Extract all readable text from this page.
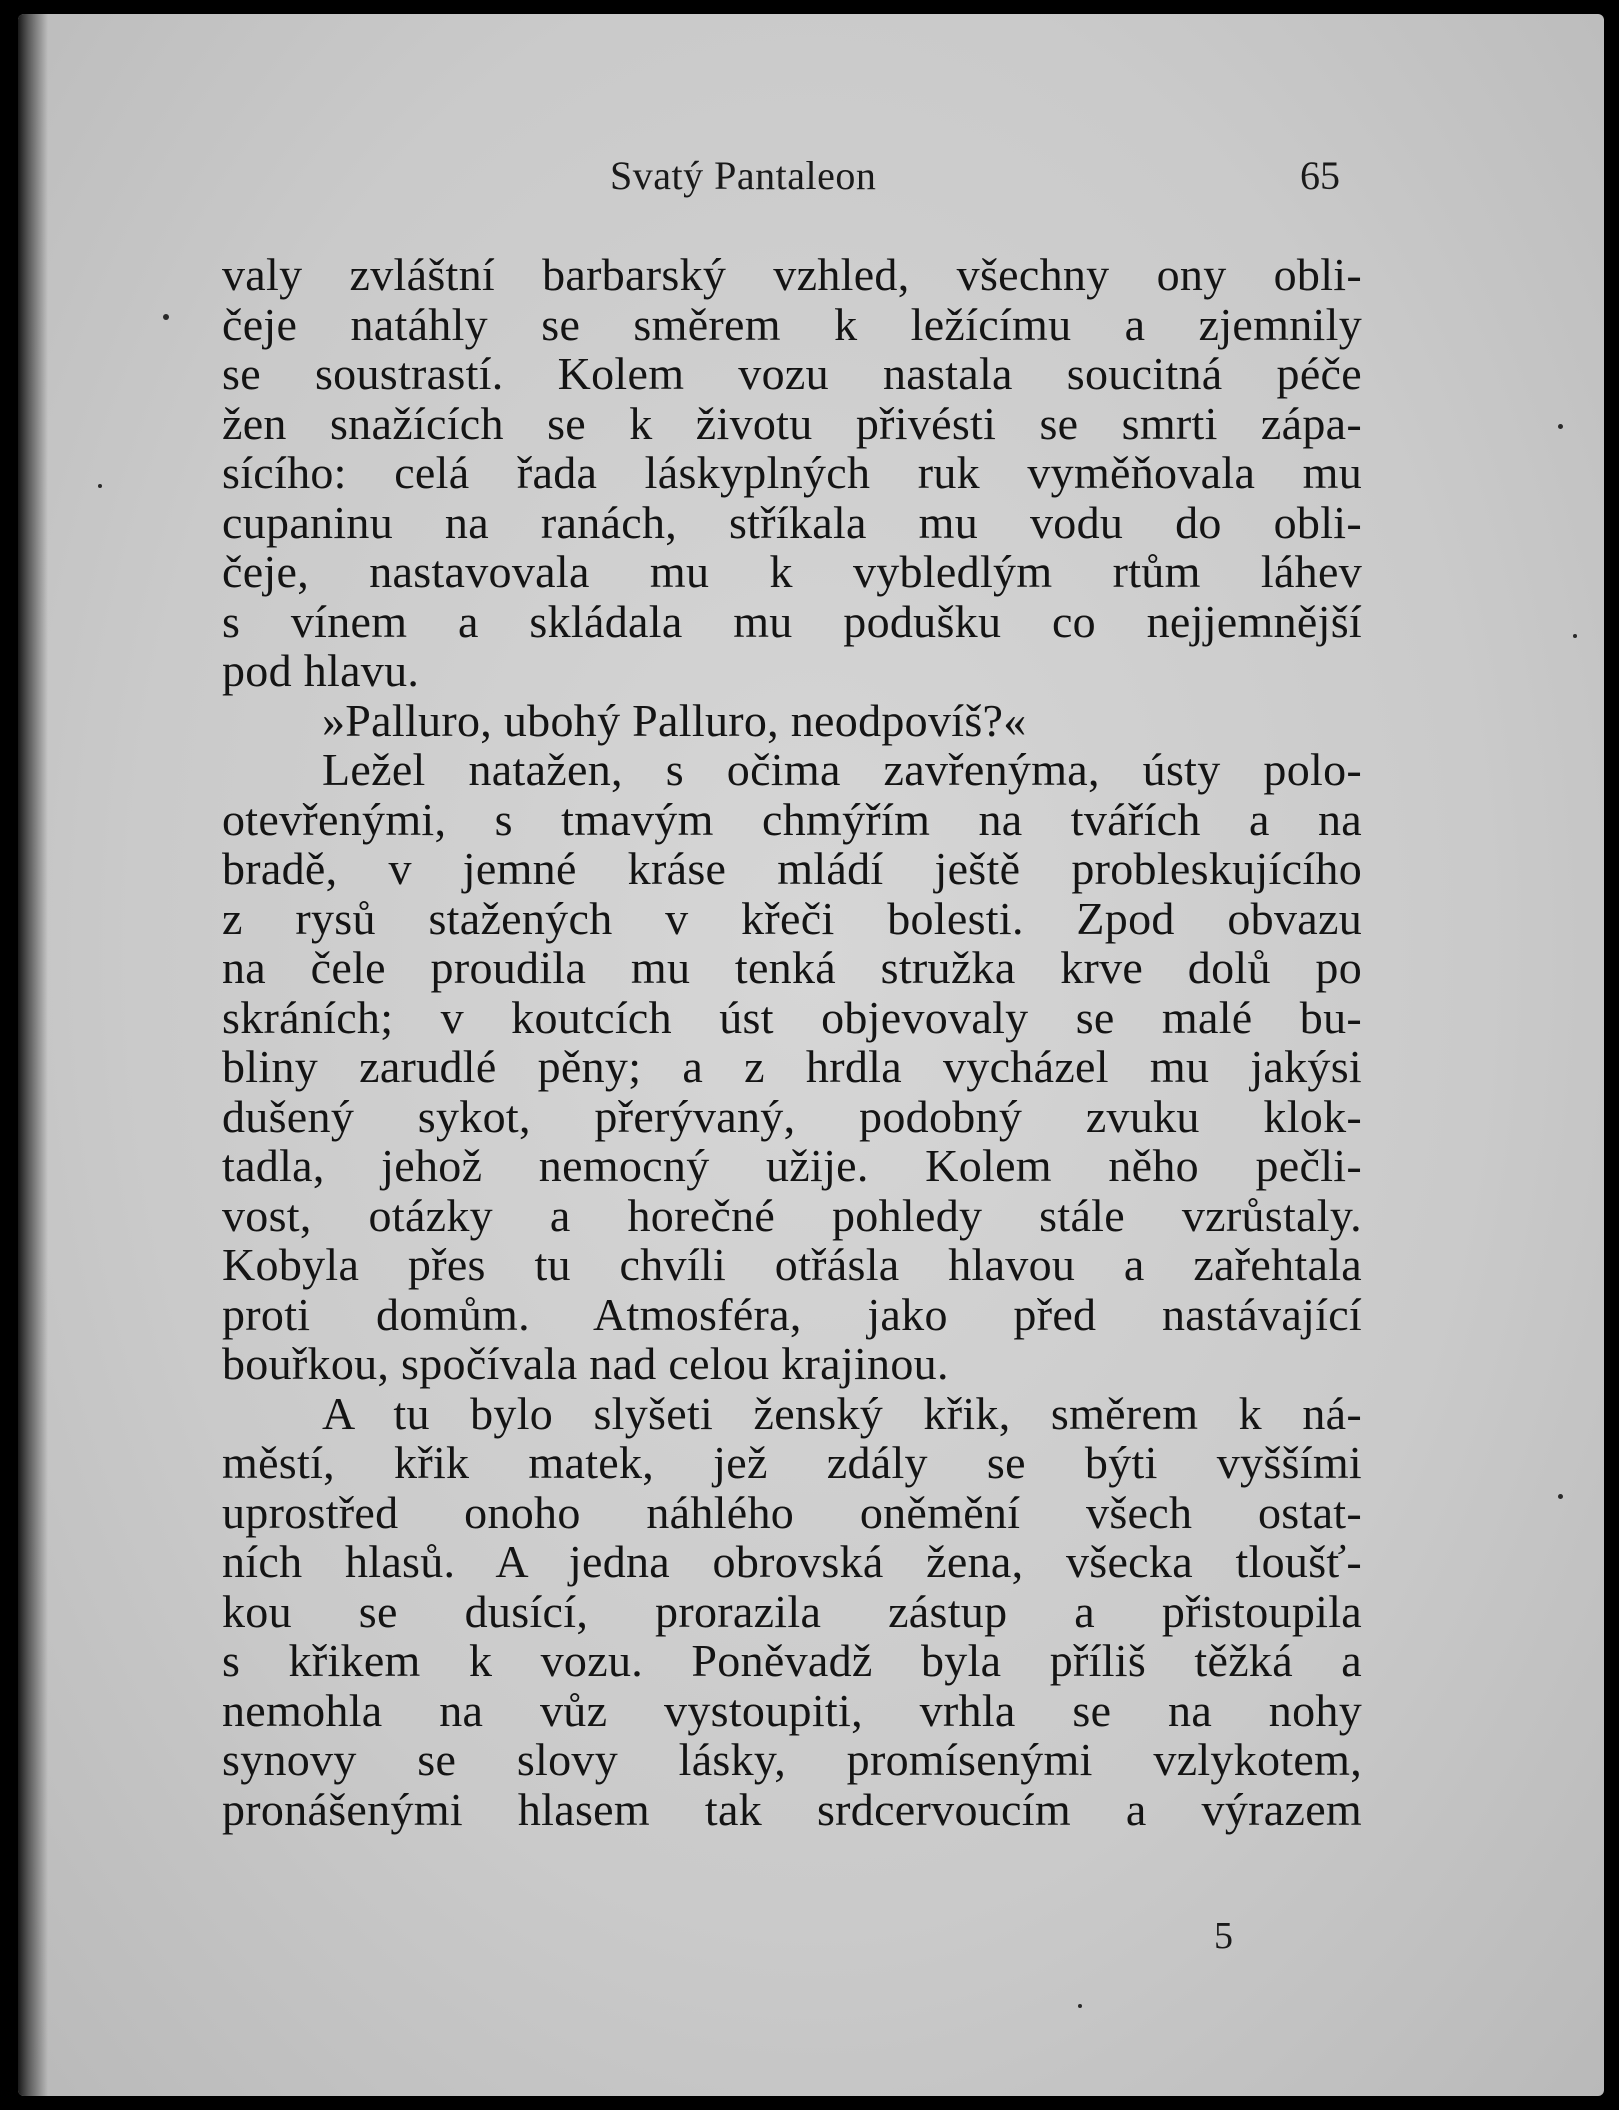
Svatý Pantaleon	65
valy zvláštní barbarský vzhled, všechny ony obli-
čeje natáhly se směrem k ležícímu a zjemnily
se soustrastí. Kolem vozu nastala soucitná péče
žen snažících se k životu přivésti se smrti zápa-
sícího: celá řada láskyplných ruk vyměňovala mu
cupaninu na ranách, stříkala mu vodu do obli-
čeje, nastavovala mu k vybledlým rtům láhev
s vínem a skládala mu podušku co nejjemnější
pod hlavu.
»Palluro, ubohý Palluro, neodpovíš?«
Ležel natažen, s očima zavřenýma, ústy polo-
otevřenými, s tmavým chmýřím na tvářích a na
bradě, v jemné kráse mládí ještě probleskujícího
z rysů stažených v křeči bolesti. Zpod obvazu
na čele proudila mu tenká stružka krve dolů po
skráních; v koutcích úst objevovaly se malé bu-
bliny zarudlé pěny; a z hrdla vycházel mu jakýsi
dušený sykot, přerývaný, podobný zvuku klok-
tadla, jehož nemocný užije. Kolem něho pečli-
vost, otázky a horečné pohledy stále vzrůstaly.
Kobyla přes tu chvíli otřásla hlavou a zařehtala
proti domům. Atmosféra, jako před nastávající
bouřkou, spočívala nad celou krajinou.
A tu bylo slyšeti ženský křik, směrem k ná-
městí, křik matek, jež zdály se býti vyššími
uprostřed onoho náhlého oněmění všech ostat-
ních hlasů. A jedna obrovská žena, všecka tloušť-
kou se dusící, prorazila zástup a přistoupila
s křikem k vozu. Poněvadž byla příliš těžká a
nemohla na vůz vystoupiti, vrhla se na nohy
synovy se slovy lásky, promísenými vzlykotem,
pronášenými hlasem tak srdcervoucím a výrazem
5
